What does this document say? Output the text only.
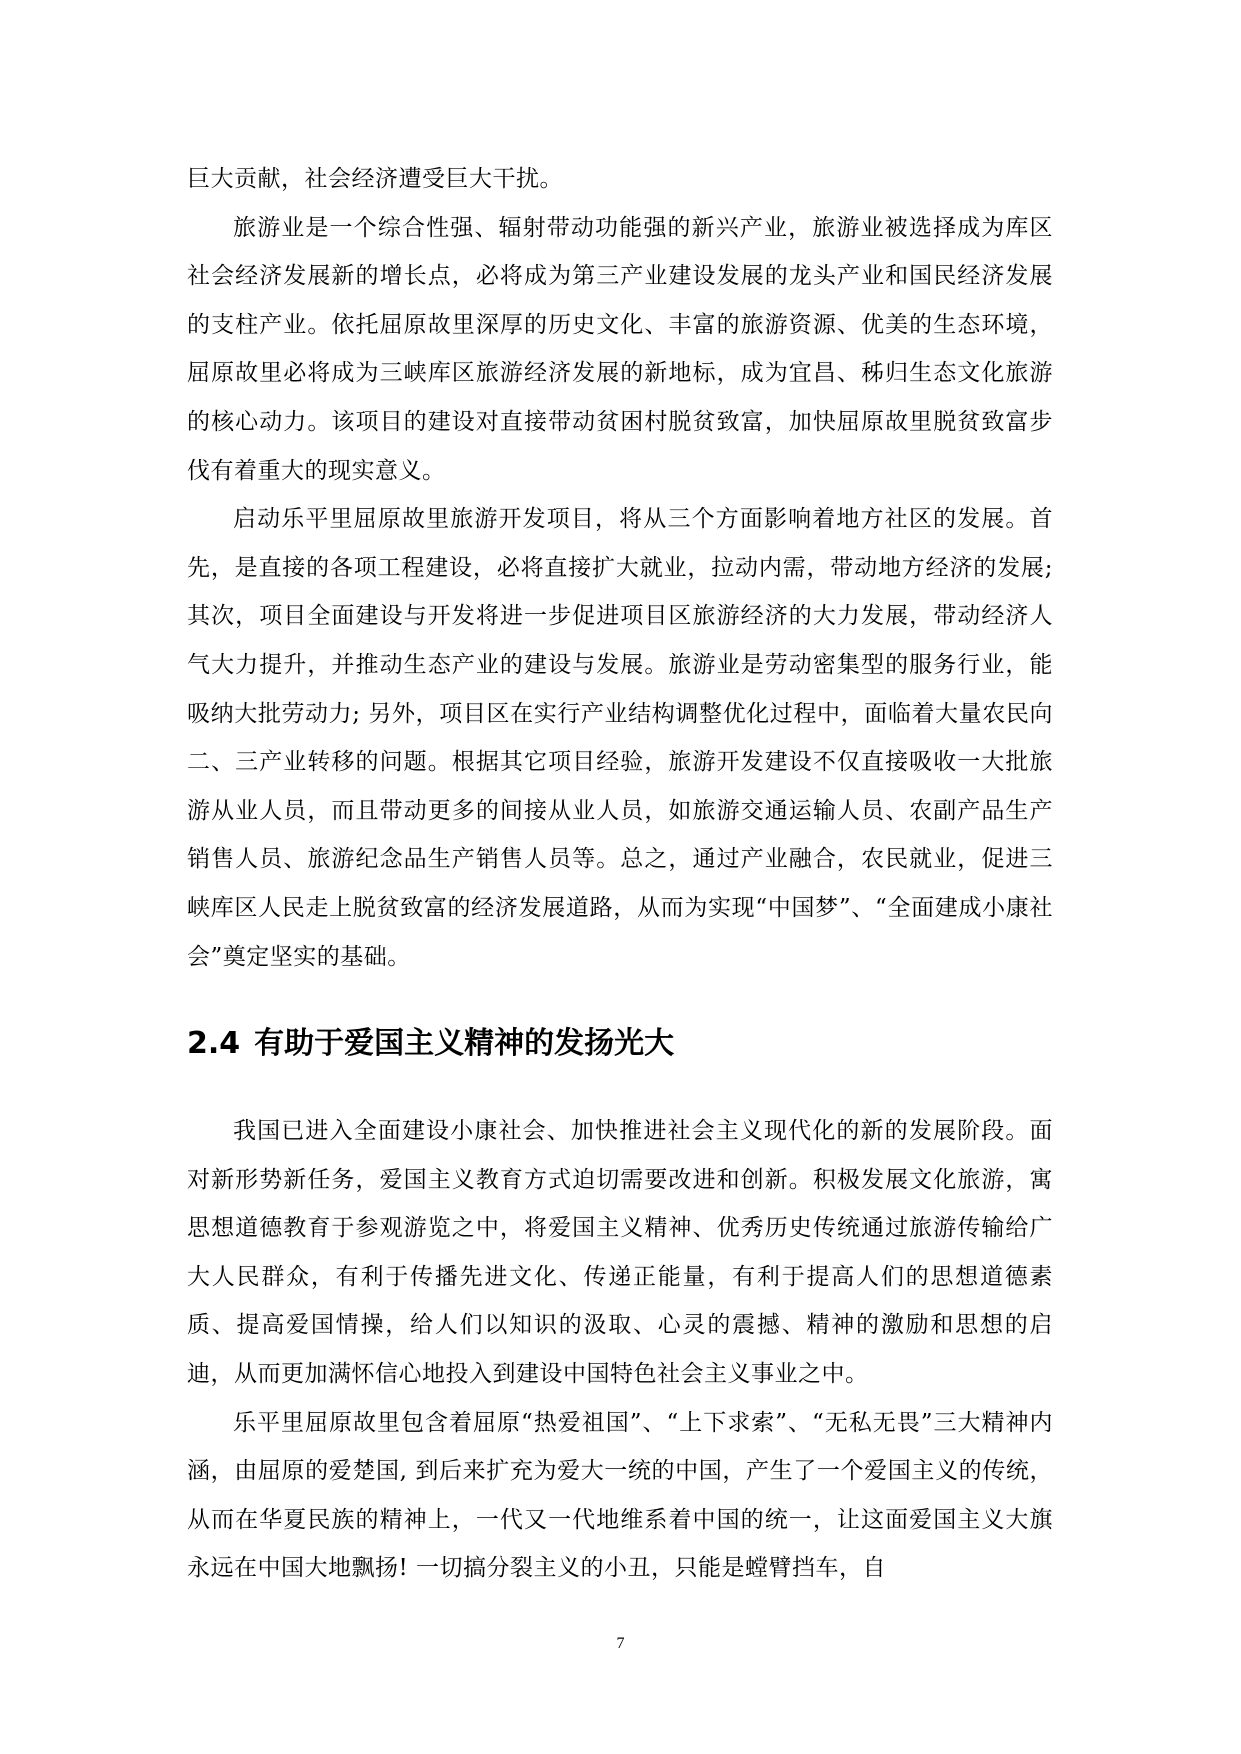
巨大贡献，社会经济遭受巨大干扰。

旅游业是一个综合性强、辐射带动功能强的新兴产业，旅游业被选择成为库区社会经济发展新的增长点，必将成为第三产业建设发展的龙头产业和国民经济发展的支柱产业。依托屈原故里深厚的历史文化、丰富的旅游资源、优美的生态环境，屈原故里必将成为三峡库区旅游经济发展的新地标，成为宜昌、秭归生态文化旅游的核心动力。该项目的建设对直接带动贫困村脱贫致富，加快屈原故里脱贫致富步伐有着重大的现实意义。

启动乐平里屈原故里旅游开发项目，将从三个方面影响着地方社区的发展。首先，是直接的各项工程建设，必将直接扩大就业，拉动内需，带动地方经济的发展; 其次，项目全面建设与开发将进一步促进项目区旅游经济的大力发展，带动经济人气大力提升，并推动生态产业的建设与发展。旅游业是劳动密集型的服务行业，能吸纳大批劳动力; 另外，项目区在实行产业结构调整优化过程中，面临着大量农民向二、三产业转移的问题。根据其它项目经验，旅游开发建设不仅直接吸收一大批旅游从业人员，而且带动更多的间接从业人员，如旅游交通运输人员、农副产品生产销售人员、旅游纪念品生产销售人员等。总之，通过产业融合，农民就业，促进三峡库区人民走上脱贫致富的经济发展道路，从而为实现“中国梦”、“全面建成小康社会”奠定坚实的基础。

2.4 有助于爱国主义精神的发扬光大

我国已进入全面建设小康社会、加快推进社会主义现代化的新的发展阶段。面对新形势新任务，爱国主义教育方式迫切需要改进和创新。积极发展文化旅游，寓思想道德教育于参观游览之中，将爱国主义精神、优秀历史传统通过旅游传输给广大人民群众，有利于传播先进文化、传递正能量，有利于提高人们的思想道德素质、提高爱国情操，给人们以知识的汲取、心灵的震撼、精神的激励和思想的启迪，从而更加满怀信心地投入到建设中国特色社会主义事业之中。

乐平里屈原故里包含着屈原“热爱祖国”、“上下求索”、“无私无畏”三大精神内涵，由屈原的爱楚国, 到后来扩充为爱大一统的中国，产生了一个爱国主义的传统，从而在华夏民族的精神上，一代又一代地维系着中国的统一，让这面爱国主义大旗永远在中国大地飘扬! 一切搞分裂主义的小丑，只能是螳臂挡车，自

7
